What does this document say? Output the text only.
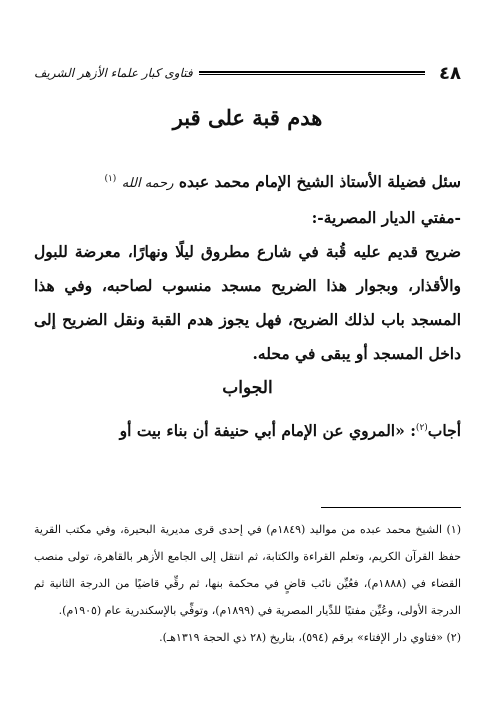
٤٨
فتاوى كبار علماء الأزهر الشريف
هدم قبة على قبر

سئل فضيلة الأستاذ الشيخ الإمام محمد عبده رحمه الله $^{(١)}$

-مفتي الديار المصرية-:

ضريح قديم عليه قُبة في شارع مطروق ليلًا ونهارًا، معرضة للبول والأقذار، وبجوار هذا الضريح مسجد منسوب لصاحبه، وفي هذا المسجد باب لذلك الضريح، فهل يجوز هدم القبة ونقل الضريح إلى داخل المسجد أو يبقى في محله.

الجواب

أجاب$^{(٢)}$: «المروي عن الإمام أبي حنيفة أن بناء بيت أو

(١) الشيخ محمد عبده من مواليد (١٨٤٩م) في إحدى قرى مديرية البحيرة، وفي مكتب القرية حفظ القرآن الكريم، وتعلم القراءة والكتابة، ثم انتقل إلى الجامع الأزهر بالقاهرة، تولى منصب القضاء في (١٨٨٨م)، فعُيِّن نائب قاضٍ في محكمة بنها، ثم رقِّي قاضيًا من الدرجة الثانية ثم الدرجة الأولى، وعُيِّن مفتيًا للدِّيار المصرية في (١٨٩٩م)، وتوفِّي بالإسكندرية عام (١٩٠٥م).

(٢) «فتاوي دار الإفتاء» برقم (٥٩٤)، بتاريخ (٢٨ ذي الحجة ١٣١٩هـ).
